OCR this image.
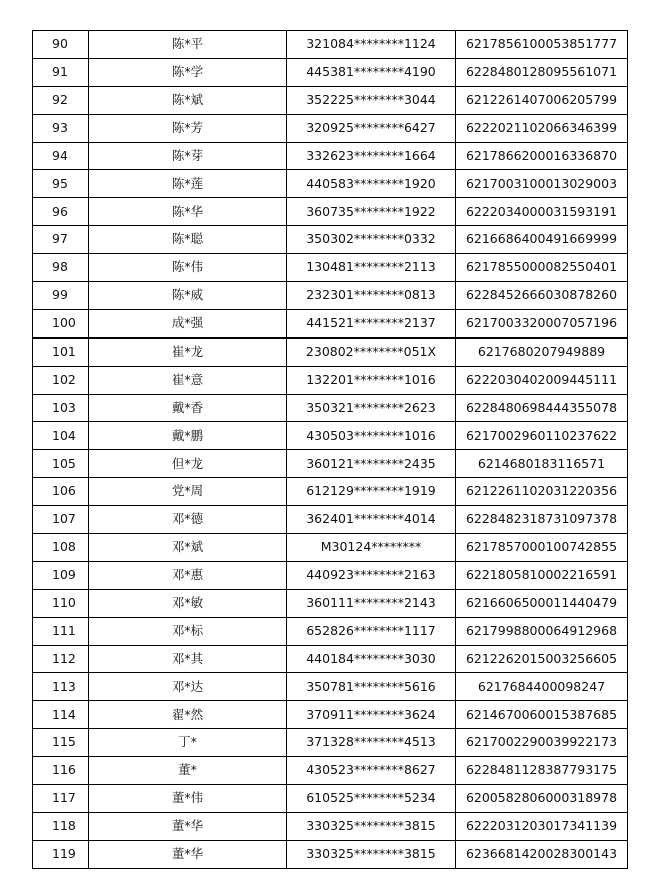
90	陈*平	321084********1124	6217856100053851777
91	陈*学	445381********4190	6228480128095561071
92	陈*斌	352225********3044	6212261407006205799
93	陈*芳	320925********6427	6222021102066346399
94	陈*芽	332623********1664	6217866200016336870
95	陈*莲	440583********1920	6217003100013029003
96	陈*华	360735********1922	6222034000031593191
97	陈*聪	350302********0332	6216686400491669999
98	陈*伟	130481********2113	6217855000082550401
99	陈*威	232301********0813	6228452666030878260
100	成*强	441521********2137	6217003320007057196
101	崔*龙	230802********051X	6217680207949889
102	崔*意	132201********1016	6222030402009445111
103	戴*香	350321********2623	6228480698444355078
104	戴*鹏	430503********1016	6217002960110237622
105	但*龙	360121********2435	6214680183116571
106	党*周	612129********1919	6212261102031220356
107	邓*德	362401********4014	6228482318731097378
108	邓*斌	M30124********	6217857000100742855
109	邓*惠	440923********2163	6221805810002216591
110	邓*敏	360111********2143	6216606500011440479
111	邓*标	652826********1117	6217998800064912968
112	邓*其	440184********3030	6212262015003256605
113	邓*达	350781********5616	6217684400098247
114	翟*然	370911********3624	6214670060015387685
115	丁*	371328********4513	6217002290039922173
116	董*	430523********8627	6228481128387793175
117	董*伟	610525********5234	6200582806000318978
118	董*华	330325********3815	6222031203017341139
119	董*华	330325********3815	6236681420028300143
